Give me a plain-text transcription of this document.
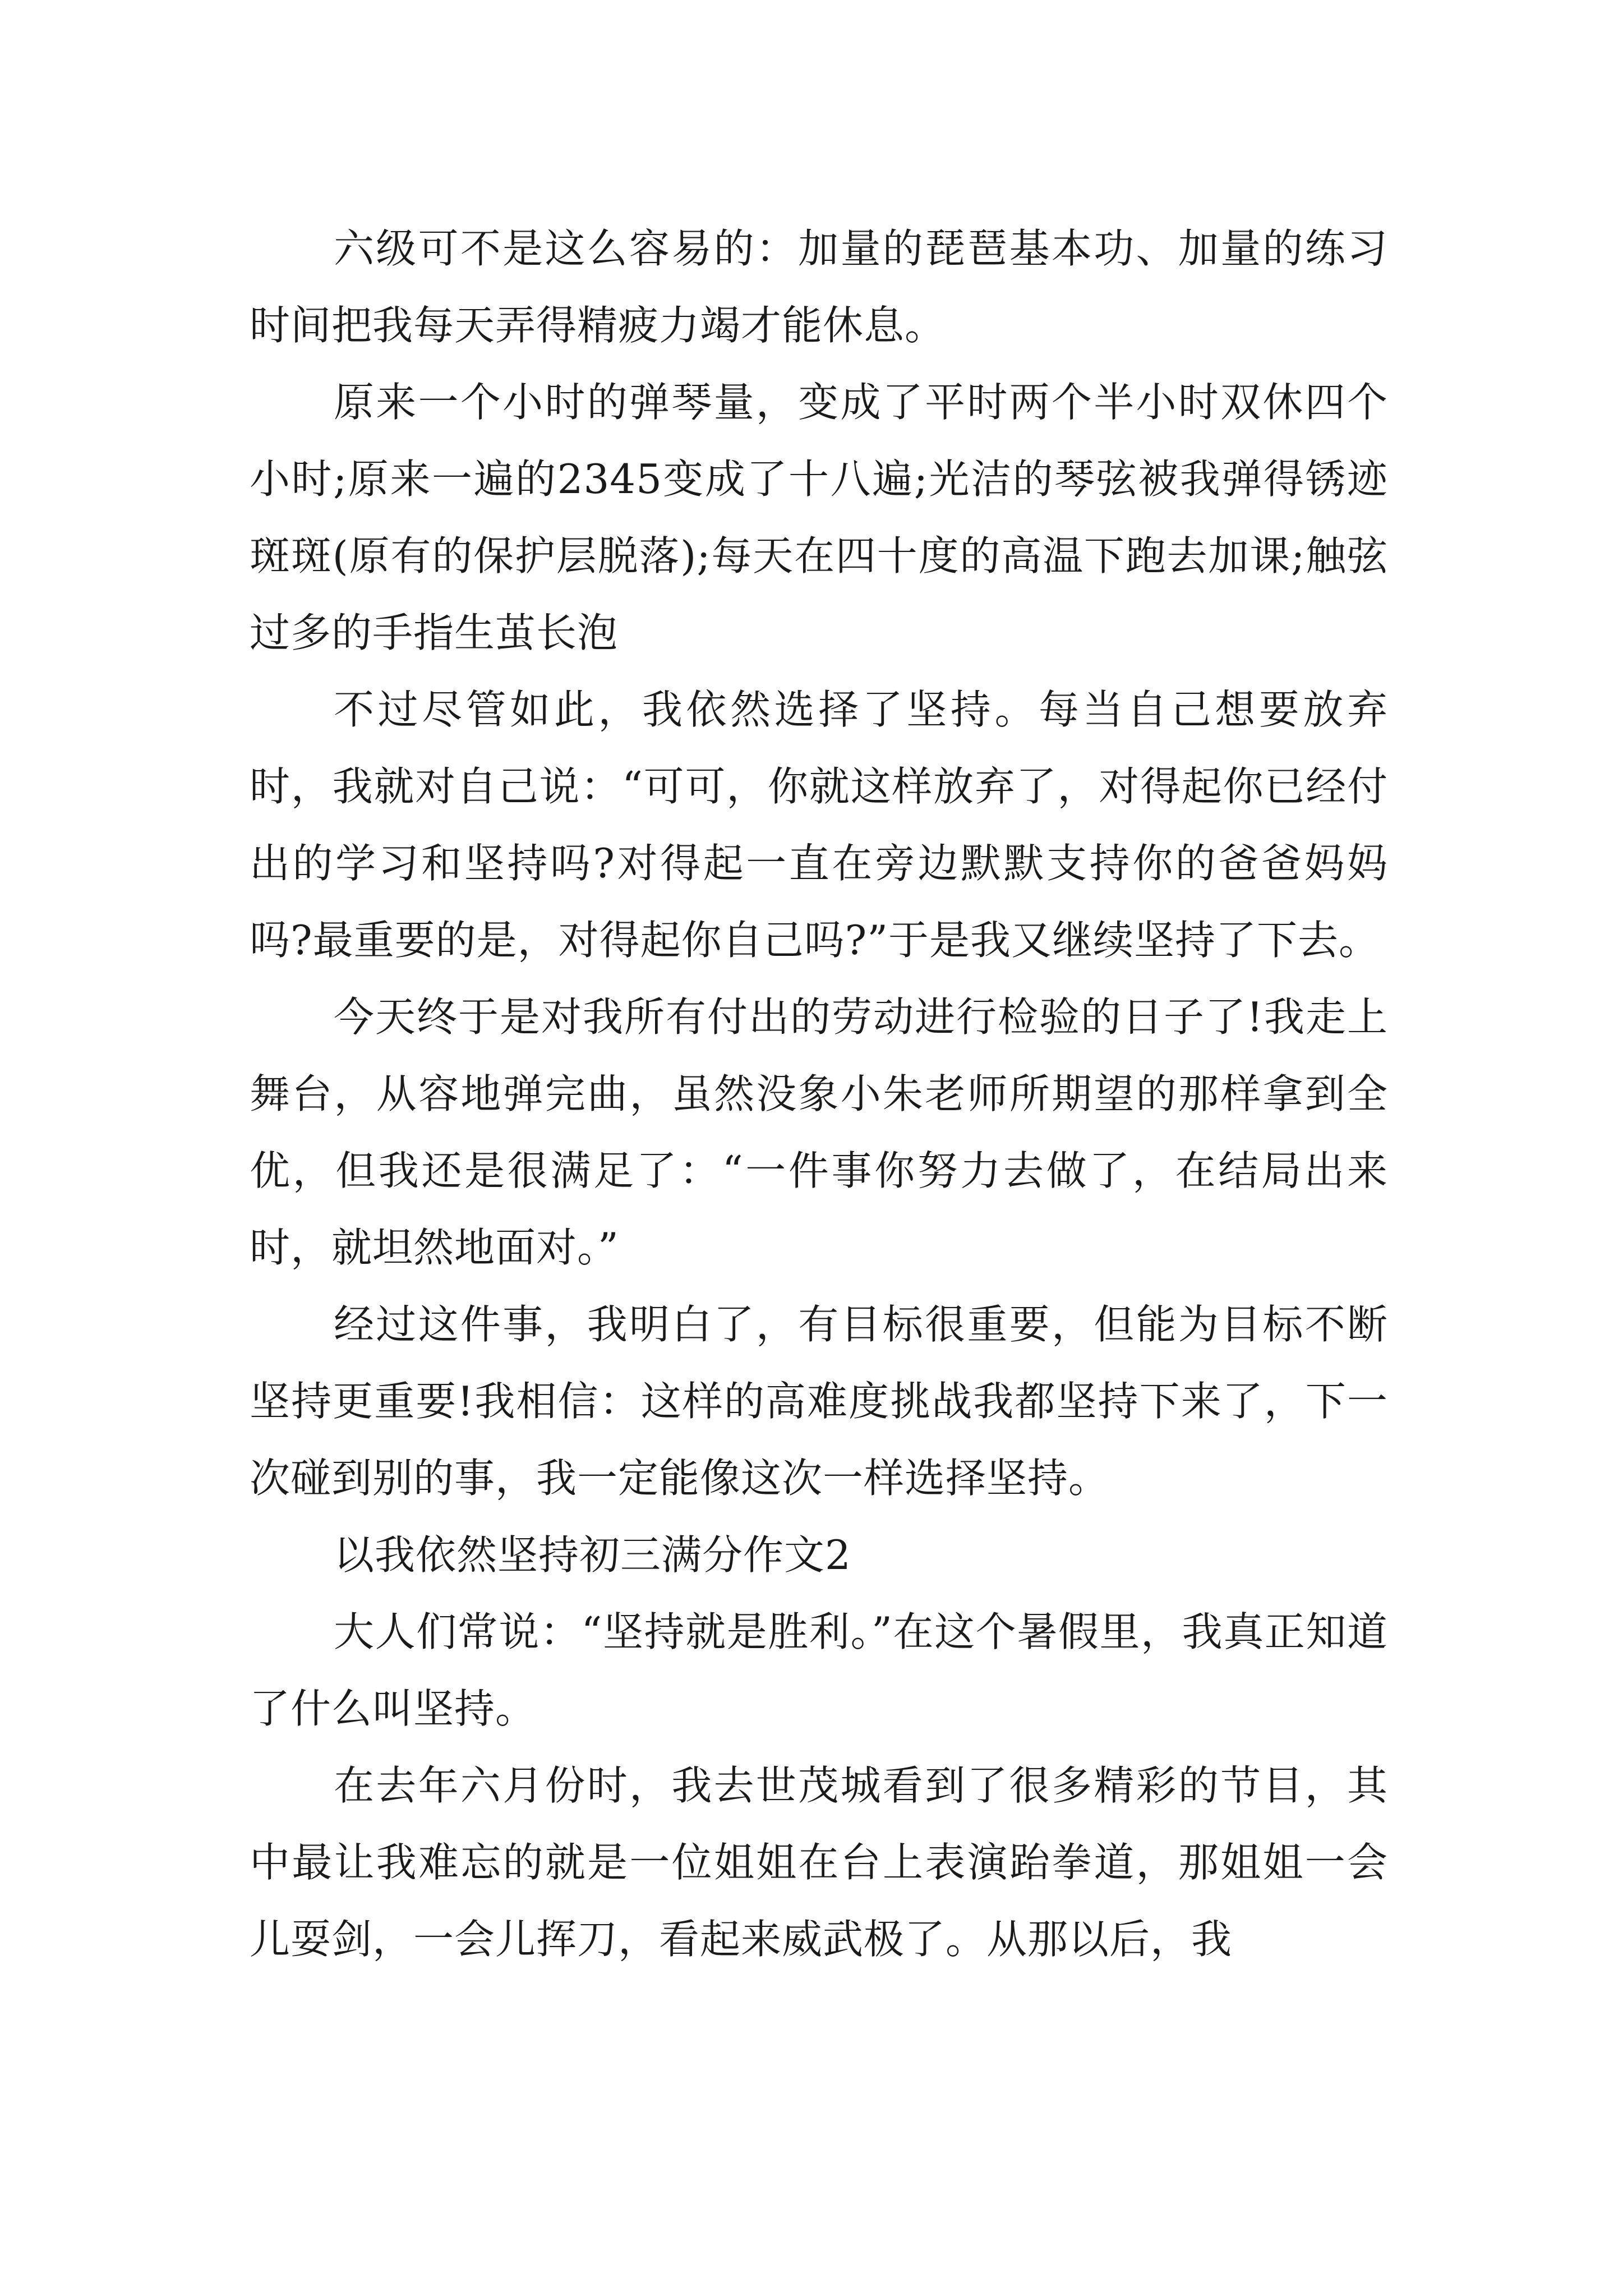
六级可不是这么容易的：加量的琵琶基本功、加量的练习时间把我每天弄得精疲力竭才能休息。

原来一个小时的弹琴量，变成了平时两个半小时双休四个小时;原来一遍的2345变成了十八遍;光洁的琴弦被我弹得锈迹斑斑(原有的保护层脱落);每天在四十度的高温下跑去加课;触弦过多的手指生茧长泡

不过尽管如此，我依然选择了坚持。每当自己想要放弃时，我就对自己说：“可可，你就这样放弃了，对得起你已经付出的学习和坚持吗?对得起一直在旁边默默支持你的爸爸妈妈吗?最重要的是，对得起你自己吗?”于是我又继续坚持了下去。

今天终于是对我所有付出的劳动进行检验的日子了!我走上舞台，从容地弹完曲，虽然没象小朱老师所期望的那样拿到全优，但我还是很满足了：“一件事你努力去做了，在结局出来时，就坦然地面对。”

经过这件事，我明白了，有目标很重要，但能为目标不断坚持更重要!我相信：这样的高难度挑战我都坚持下来了，下一次碰到别的事，我一定能像这次一样选择坚持。

以我依然坚持初三满分作文2

大人们常说：“坚持就是胜利。”在这个暑假里，我真正知道了什么叫坚持。

在去年六月份时，我去世茂城看到了很多精彩的节目，其中最让我难忘的就是一位姐姐在台上表演跆拳道，那姐姐一会儿耍剑，一会儿挥刀，看起来威武极了。从那以后，我
